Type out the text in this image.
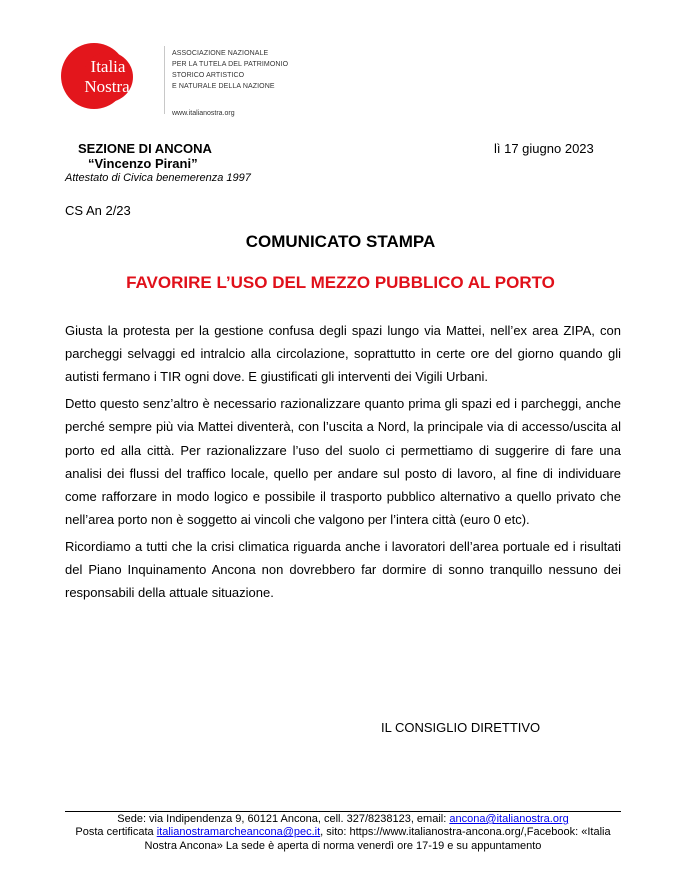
Italia
Nostra
ASSOCIAZIONE NAZIONALE
PER LA TUTELA DEL PATRIMONIO
STORICO ARTISTICO
E NATURALE DELLA NAZIONE
www.italianostra.org
SEZIONE DI ANCONA
“Vincenzo Pirani”
Attestato di Civica benemerenza 1997
lì 17 giugno 2023
CS An 2/23
COMUNICATO STAMPA
FAVORIRE L’USO DEL MEZZO PUBBLICO AL PORTO

Giusta la protesta per la gestione confusa degli spazi lungo via Mattei, nell’ex area ZIPA, con parcheggi selvaggi ed intralcio alla circolazione, soprattutto in certe ore del giorno quando gli autisti fermano i TIR ogni dove. E giustificati gli interventi dei Vigili Urbani.

Detto questo senz’altro è necessario razionalizzare quanto prima gli spazi ed i parcheggi, anche perché sempre più via Mattei diventerà, con l’uscita a Nord, la principale via di accesso/uscita al porto ed alla città. Per razionalizzare l’uso del suolo ci permettiamo di suggerire di fare una analisi dei flussi del traffico locale, quello per andare sul posto di lavoro, al fine di individuare come rafforzare in modo logico e possibile il trasporto pubblico alternativo a quello privato che nell’area porto non è soggetto ai vincoli che valgono per l’intera città (euro 0 etc).

Ricordiamo a tutti che la crisi climatica riguarda anche i lavoratori dell’area portuale ed i risultati del Piano Inquinamento Ancona non dovrebbero far dormire di sonno tranquillo nessuno dei responsabili della attuale situazione.

IL CONSIGLIO DIRETTIVO
Sede: via Indipendenza 9, 60121 Ancona, cell. 327/8238123, email: ancona@italianostra.org
Posta certificata italianostramarcheancona@pec.it, sito: https://www.italianostra-ancona.org/,Facebook: «Italia Nostra Ancona» La sede è aperta di norma venerdì ore 17-19 e su appuntamento
